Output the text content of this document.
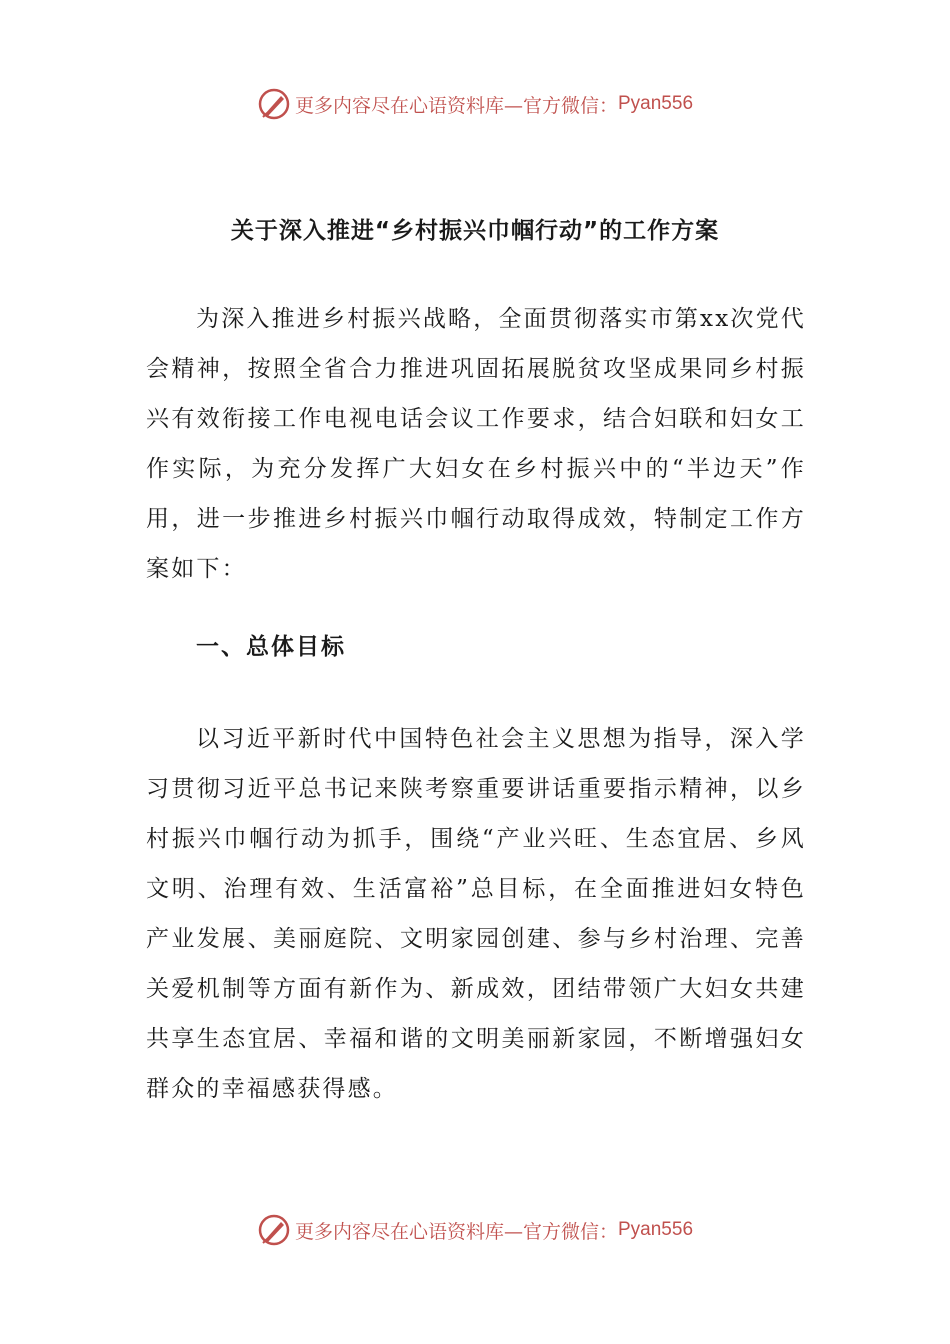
更多内容尽在心语资料库—官方微信： Pyan556
关于深入推进“乡村振兴巾帼行动”的工作方案

为深入推进乡村振兴战略，全面贯彻落实市第xx次党代会精神，按照全省合力推进巩固拓展脱贫攻坚成果同乡村振兴有效衔接工作电视电话会议工作要求，结合妇联和妇女工作实际，为充分发挥广大妇女在乡村振兴中的“半边天”作用，进一步推进乡村振兴巾帼行动取得成效，特制定工作方案如下：

一、总体目标

以习近平新时代中国特色社会主义思想为指导，深入学习贯彻习近平总书记来陕考察重要讲话重要指示精神，以乡村振兴巾帼行动为抓手，围绕“产业兴旺、生态宜居、乡风文明、治理有效、生活富裕”总目标，在全面推进妇女特色产业发展、美丽庭院、文明家园创建、参与乡村治理、完善关爱机制等方面有新作为、新成效，团结带领广大妇女共建共享生态宜居、幸福和谐的文明美丽新家园，不断增强妇女群众的幸福感获得感。

更多内容尽在心语资料库—官方微信： Pyan556
